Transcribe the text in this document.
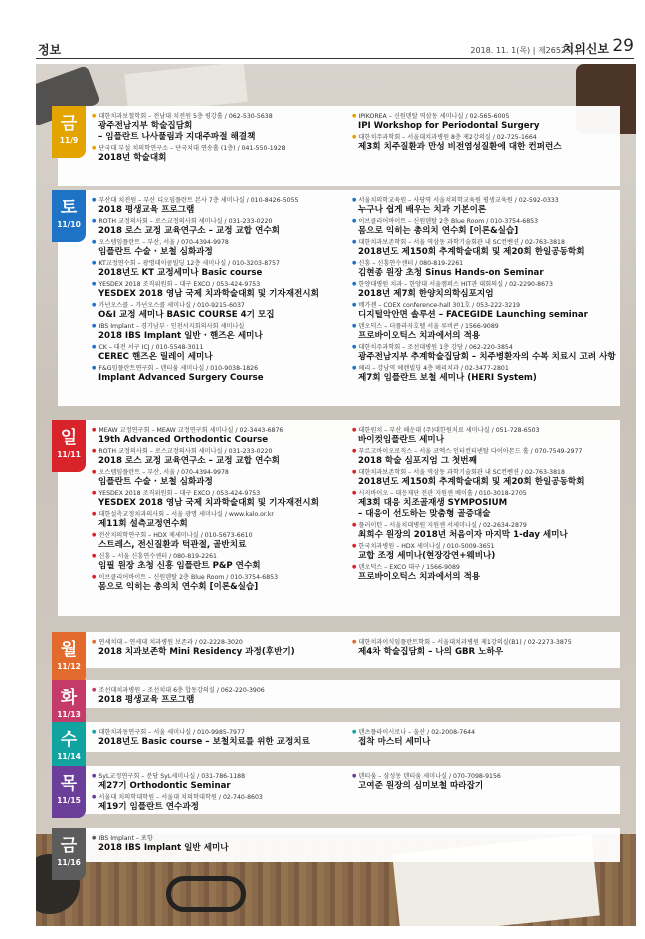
정보	2018. 11. 1(목) | 제2652호 |
치의신보 29
금
11/9
● 대한치과보철학회 – 전남대 치전원 5층 평강홀 / 062-530-5638
광주전남지부 학술집담회
– 임플란트 나사풀림과 지대주파절 해결책
● 단국대 부설 치의학연구소 – 단국치대 연송홀 (1층) / 041-550-1928
2018년 학술대회
● IPIKOREA – 신원덴탈 역삼동 세미나실 / 02-565-6005
IPI Workshop for Periodontal Surgery
● 대한치주과학회 – 서울대치과병원 8층 제2강의실 / 02-725-1664
제3회 치주질환과 만성 비전염성질환에 대한 컨퍼런스
토
11/10
● 부산대 치전원 – 부산 디오임플란트 본사 7층 세미나실 / 010-8426-5055
2018 평생교육 프로그램
● ROTH 교정의사회 – 로스교정의사회 세미나실 / 031-233-0220
2018 로스 교정 교육연구소 – 교정 교합 연수회
● 오스템임플란트 – 부산, 서울 / 070-4394-9978
임플란트 수술 · 보철 심화과정
● KT교정연수회 – 광명데이콤빌딩 12층 세미나실 / 010-3203-8757
2018년도 KT 교정세미나 Basic course
● YESDEX 2018 조직위원회 – 대구 EXCO / 053-424-9753
YESDEX 2018 영남 국제 치과학술대회 및 기자재전시회
● 가넌오스콜 – 가넌오스콜 세미나실 / 010-9215-6037
O&I 교정 세미나 BASIC COURSE 4기 모집
● IBS Implant – 경기남부 · 인천서지회의사회 세미나실
2018 IBS Implant 일반 · 핸즈온 세미나
● CK – 대전 서구 ICJ / 010-5548-3011
CEREC 핸즈온 릴레이 세미나
● F&G임플란트연구회 – 덴티움 세미나실 / 010-9038-1826
Implant Advanced Surgery Course
● 서울치의학교육원 – 사당역 서울치의학교육원 평생교육원 / 02-592-0333
누구나 쉽게 배우는 치과 기본이론
● 이브클리어바이트 – 신원덴탈 2층 Blue Room / 010-3754-6853
몸으로 익히는 총의치 연수회 [이론&실습]
● 대한치과보존학회 – 서울 역삼동 과학기술회관 내 SC컨벤션 / 02-763-3818
2018년도 제150회 추계학술대회 및 제20회 한일공동학회
● 신흥 – 신흥연수센터 / 080-819-2261
김현종 원장 초청 Sinus Hands-on Seminar
● 한양대병원 치과 – 한양대 서울캠퍼스 HIT관 대회의실 / 02-2290-8673
2018년 제7회 한양치의학심포지엄
● 메가젠 – COEX conference-hall 301호 / 053-222-3219
디지털악안면 솔루션 – FACEGIDE Launching seminar
● 덴오덕스 – 더플라자호텔 서울 루비콘 / 1566-9089
프로바이오틱스 치과에서의 적용
● 대한치주과학회 – 조선대병원 1층 강당 / 062-220-3854
광주전남지부 추계학술집담회 – 치주병환자의 수복 치료시 고려 사항
● 헤리 – 강남역 헤렌빌딩 4층 헤리치과 / 02-3477-2801
제7회 임플란트 보철 세미나 (HERI System)
일
11/11
● MEAW 교정연구회 – MEAW 교정연구회 세미나실 / 02-3443-6876
19th Advanced Orthodontic Course
● ROTH 교정의사회 – 로스교정의사회 세미나실 / 031-233-0220
2018 로스 교정 교육연구소 – 교정 교합 연수회
● 오스템임플란트 – 부산, 서울 / 070-4394-9978
임플란트 수술 · 보철 심화과정
● YESDEX 2018 조직위원회 – 대구 EXCO / 053-424-9753
YESDEX 2018 영남 국제 치과학술대회 및 기자재전시회
● 대한설측교정치과의사회 – 서울 광명 세미나실 / www.kalo.or.kr
제11회 설측교정연수회
● 전산치의학연구회 – HDX 제세미나실 / 010-5673-6610
스트레스, 전신질환과 턱관절, 골반치료
● 신흥 – 서울 신흥연수센터 / 080-819-2261
임필 원장 초청 신흥 임플란트 P&P 연수회
● 이브클리어바이트 – 신원덴탈 2층 Blue Room / 010-3754-6853
몸으로 익히는 총의치 연수회 [이론&실습]
● 대한원치 – 부산 해운대 (주)대한원치료 세미나실 / 051-728-6503
바이컷임플란트 세미나
● 푸르고바이오로직스 – 서울 코엑스 인터컨티넨탈 다이아몬드 홀 / 070-7549-2977
2018 학술 심포지엄 그 첫번째
● 대한치과보존학회 – 서울 역삼동 과학기술회관 내 SC컨벤션 / 02-763-3818
2018년도 제150회 추계학술대회 및 제20회 한일공동학회
● 시지바이오 – 대응재단 전관 지원센 베이홀 / 010-3018-2705
제3회 대응 치조골재생 SYMPOSIUM
– 대응이 선도하는 맞춤형 골증대술
● 플러이턴 – 서울치대병원 지원센 서세미나실 / 02-2634-2879
최희수 원장의 2018년 처음이자 마지막 1-day 세미나
● 한국치과병원 – HDX 세미나실 / 010-5009-3651
교합 조정 세미나(현장강연+웨비나)
● 덴오덕스 – EXCO 대구 / 1566-9089
프로바이오틱스 치과에서의 적용
월
11/12
● 연세치대 – 연세대 치과병원 보존과 / 02-2228-3020
2018 치과보존학 Mini Residency 과정(후반기)
● 대한치과이식임플란트학회 – 서울대치과병원 제1강의실(B1) / 02-2273-3875
제4차 학술집담회 – 나의 GBR 노하우
화
11/13
● 조선대치과병원 – 조선치대 6층 합동강의실 / 062-220-3906
2018 평생교육 프로그램
수
11/14
● 대한치과동연구회 – 서울 세미나실 / 010-9985-7977
2018년도 Basic course – 보철치료를 위한 교정치료
● 덴츠플라이시로나 – 울산 / 02-2008-7644
접착 마스터 세미나
목
11/15
● SyL교정연구회 – 분당 SyL세미나실 / 031-786-1188
제27기 Orthodontic Seminar
● 서울대 치의학대학원 – 서울대 치의학대학원 / 02-740-8603
제19기 임플란트 연수과정
● 덴티움 – 삼성동 덴티움 세미나실 / 070-7098-9156
고여준 원장의 심미보철 따라잡기
금
11/16
● IBS Implant – 포항
2018 IBS Implant 일반 세미나
